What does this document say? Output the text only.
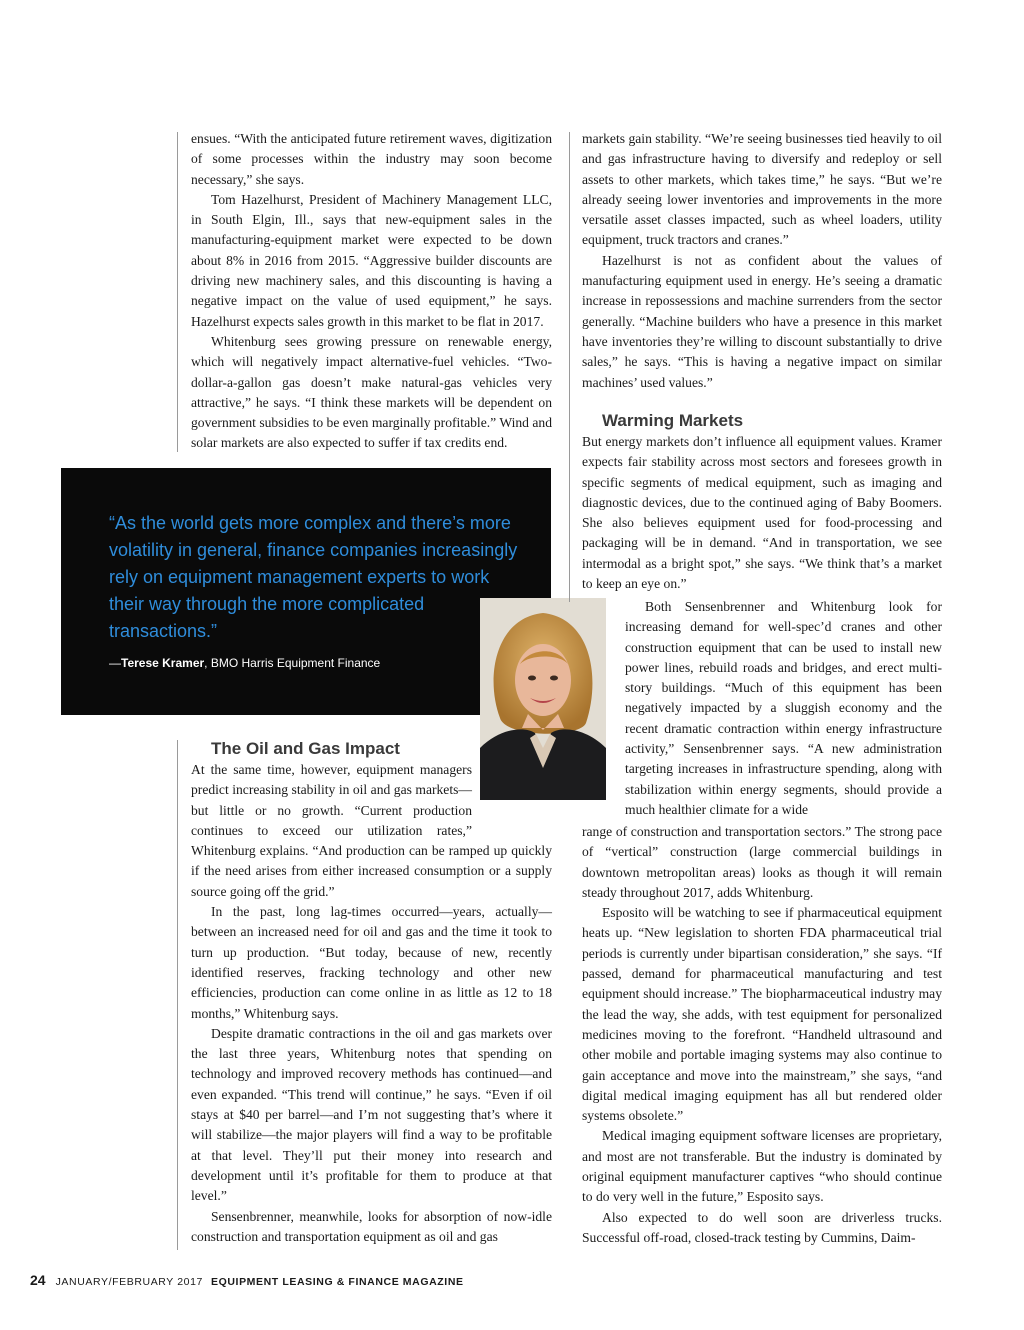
ensues. “With the anticipated future retirement waves, digitization of some processes within the industry may soon become necessary,” she says.

Tom Hazelhurst, President of Machinery Management LLC, in South Elgin, Ill., says that new-equipment sales in the manufacturing-equipment market were expected to be down about 8% in 2016 from 2015. “Aggressive builder discounts are driving new machinery sales, and this discounting is having a negative impact on the value of used equipment,” he says. Hazelhurst expects sales growth in this market to be flat in 2017.

Whitenburg sees growing pressure on renewable energy, which will negatively impact alternative-fuel vehicles. “Two-dollar-a-gallon gas doesn’t make natural-gas vehicles very attractive,” he says. “I think these markets will be dependent on government subsidies to be even marginally profitable.” Wind and solar markets are also expected to suffer if tax credits end.

“As the world gets more complex and there’s more volatility in general, finance companies increasingly rely on equipment management experts to work their way through the more complicated transactions.”
—Terese Kramer, BMO Harris Equipment Finance

The Oil and Gas Impact

At the same time, however, equipment managers predict increasing stability in oil and gas markets—but little or no growth. “Current production continues to exceed our utilization rates,” Whitenburg explains. “And production can be ramped up quickly if the need arises from either increased consumption or a supply source going off the grid.”

In the past, long lag-times occurred—years, actually—between an increased need for oil and gas and the time it took to turn up production. “But today, because of new, recently identified reserves, fracking technology and other new efficiencies, production can come online in as little as 12 to 18 months,” Whitenburg says.

Despite dramatic contractions in the oil and gas markets over the last three years, Whitenburg notes that spending on technology and improved recovery methods has continued—and even expanded. “This trend will continue,” he says. “Even if oil stays at $40 per barrel—and I’m not suggesting that’s where it will stabilize—the major players will find a way to be profitable at that level. They’ll put their money into research and development until it’s profitable for them to produce at that level.”

Sensenbrenner, meanwhile, looks for absorption of now-idle construction and transportation equipment as oil and gas

markets gain stability. “We’re seeing businesses tied heavily to oil and gas infrastructure having to diversify and redeploy or sell assets to other markets, which takes time,” he says. “But we’re already seeing lower inventories and improvements in the more versatile asset classes impacted, such as wheel loaders, utility equipment, truck tractors and cranes.”

Hazelhurst is not as confident about the values of manufacturing equipment used in energy. He’s seeing a dramatic increase in repossessions and machine surrenders from the sector generally. “Machine builders who have a presence in this market have inventories they’re willing to discount substantially to drive sales,” he says. “This is having a negative impact on similar machines’ used values.”

Warming Markets

But energy markets don’t influence all equipment values. Kramer expects fair stability across most sectors and foresees growth in specific segments of medical equipment, such as imaging and diagnostic devices, due to the continued aging of Baby Boomers. She also believes equipment used for food-processing and packaging will be in demand. “And in transportation, we see intermodal as a bright spot,” she says. “We think that’s a market to keep an eye on.”

Both Sensenbrenner and Whitenburg look for increasing demand for well-spec’d cranes and other construction equipment that can be used to install new power lines, rebuild roads and bridges, and erect multi-story buildings. “Much of this equipment has been negatively impacted by a sluggish economy and the recent dramatic contraction within energy infrastructure activity,” Sensenbrenner says. “A new administration targeting increases in infrastructure spending, along with stabilization within energy segments, should provide a much healthier climate for a wide

range of construction and transportation sectors.” The strong pace of “vertical” construction (large commercial buildings in downtown metropolitan areas) looks as though it will remain steady throughout 2017, adds Whitenburg.

Esposito will be watching to see if pharmaceutical equipment heats up. “New legislation to shorten FDA pharmaceutical trial periods is currently under bipartisan consideration,” she says. “If passed, demand for pharmaceutical manufacturing and test equipment should increase.” The biopharmaceutical industry may the lead the way, she adds, with test equipment for personalized medicines moving to the forefront. “Handheld ultrasound and other mobile and portable imaging systems may also continue to gain acceptance and move into the mainstream,” she says, “and digital medical imaging equipment has all but rendered older systems obsolete.”

Medical imaging equipment software licenses are proprietary, and most are not transferable. But the industry is dominated by original equipment manufacturer captives “who should continue to do very well in the future,” Esposito says.

Also expected to do well soon are driverless trucks. Successful off-road, closed-track testing by Cummins, Daim-

24 JANUARY/FEBRUARY 2017 EQUIPMENT LEASING & FINANCE MAGAZINE
